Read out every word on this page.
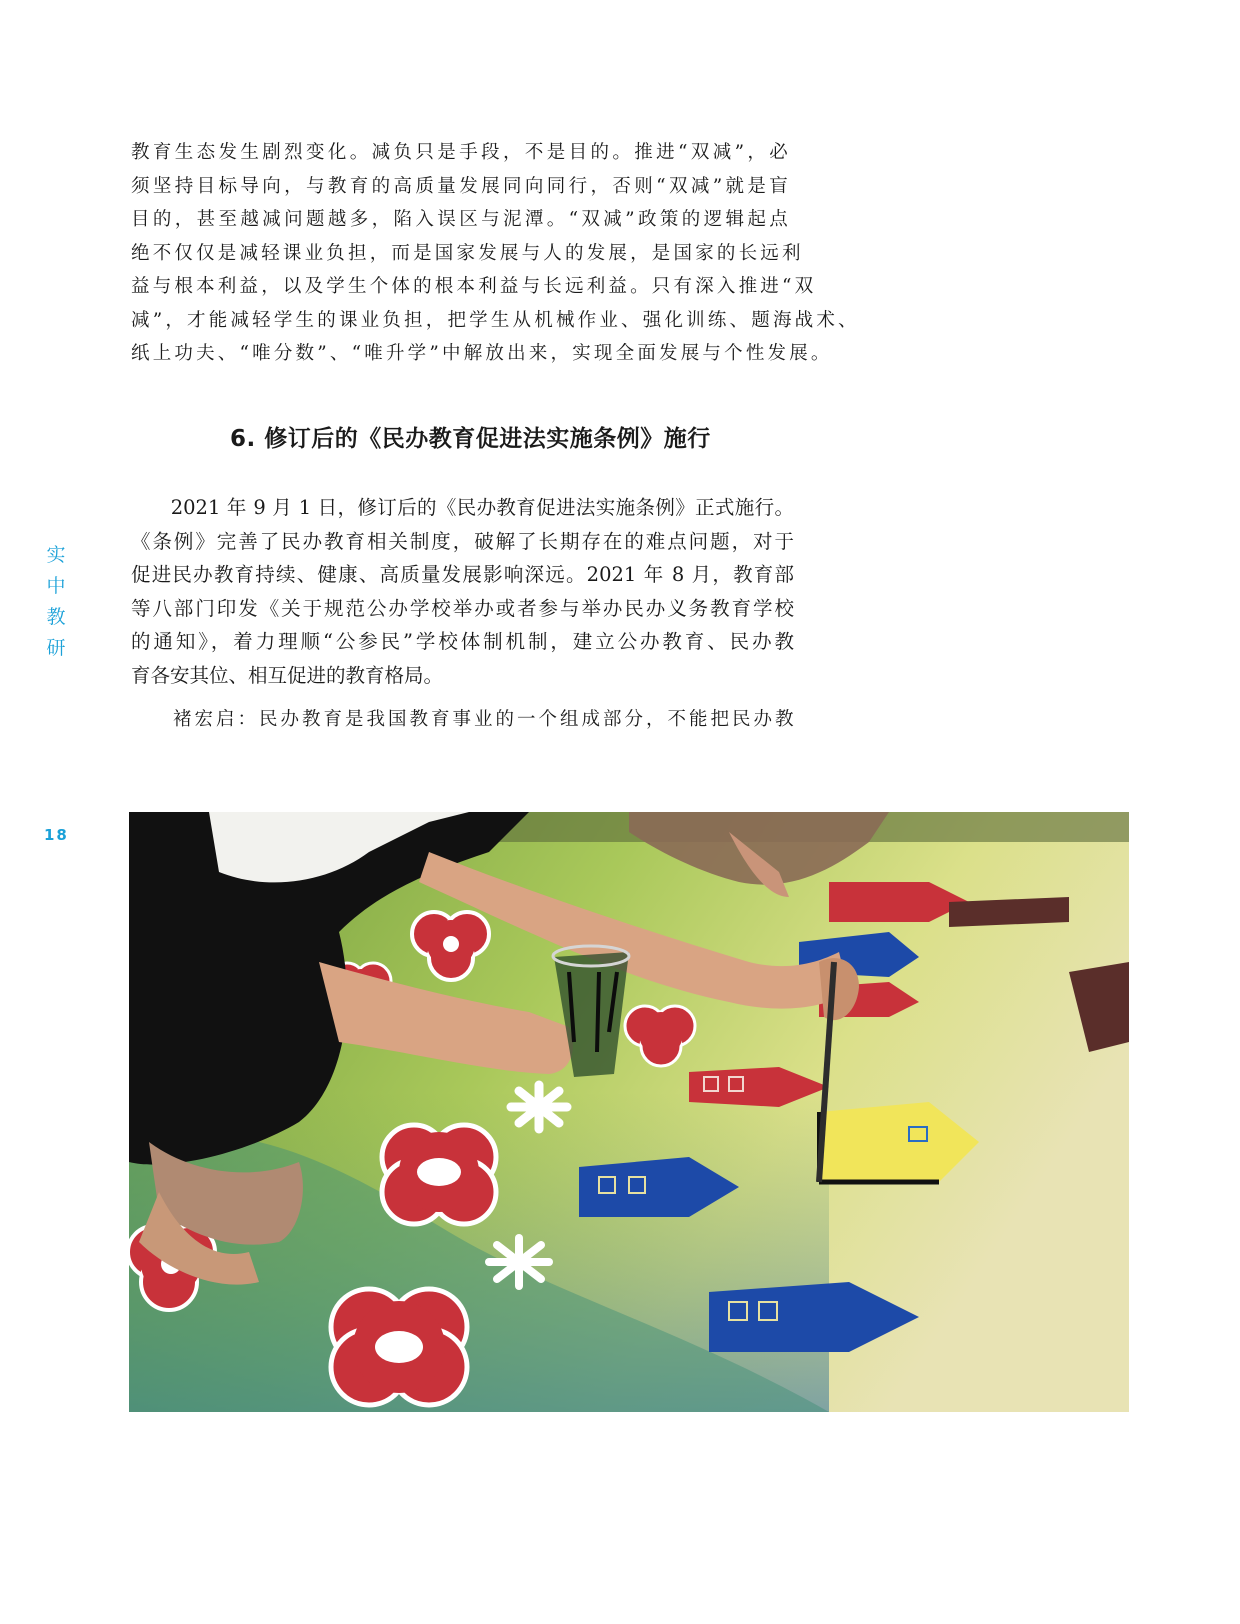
实
中
教
研
18

教育生态发生剧烈变化。减负只是手段，不是目的。推进“双减”，必
须坚持目标导向，与教育的高质量发展同向同行，否则“双减”就是盲
目的，甚至越减问题越多，陷入误区与泥潭。“双减”政策的逻辑起点
绝不仅仅是减轻课业负担，而是国家发展与人的发展，是国家的长远利
益与根本利益，以及学生个体的根本利益与长远利益。只有深入推进“双
减”，才能减轻学生的课业负担，把学生从机械作业、强化训练、题海战术、
纸上功夫、“唯分数”、“唯升学”中解放出来，实现全面发展与个性发展。

6. 修订后的《民办教育促进法实施条例》施行

　　2021 年 9 月 1 日，修订后的《民办教育促进法实施条例》正式施行。
《条例》完善了民办教育相关制度，破解了长期存在的难点问题，对于
促进民办教育持续、健康、高质量发展影响深远。2021 年 8 月，教育部
等八部门印发《关于规范公办学校举办或者参与举办民办义务教育学校
的通知》，着力理顺“公参民”学校体制机制，建立公办教育、民办教
育各安其位、相互促进的教育格局。

褚宏启：民办教育是我国教育事业的一个组成部分，不能把民办教
